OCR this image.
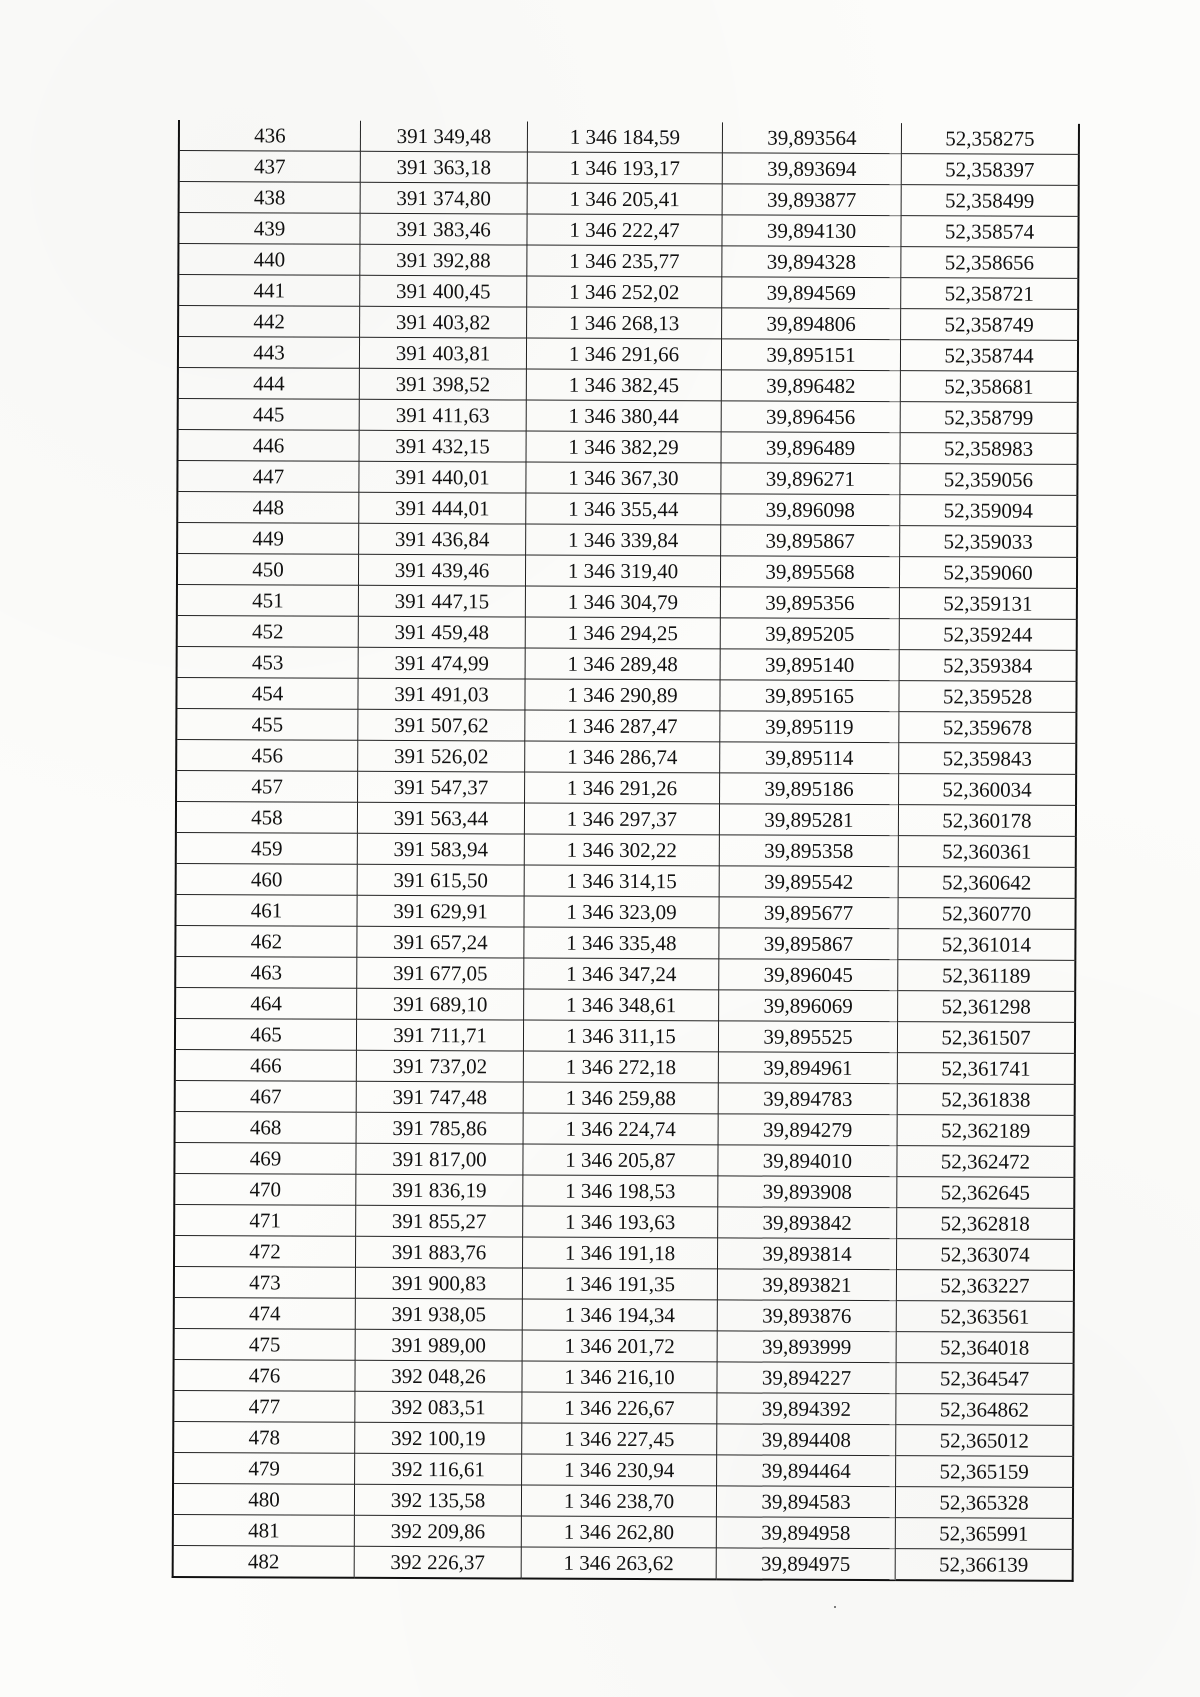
436	391 349,48	1 346 184,59	39,893564	52,358275
437	391 363,18	1 346 193,17	39,893694	52,358397
438	391 374,80	1 346 205,41	39,893877	52,358499
439	391 383,46	1 346 222,47	39,894130	52,358574
440	391 392,88	1 346 235,77	39,894328	52,358656
441	391 400,45	1 346 252,02	39,894569	52,358721
442	391 403,82	1 346 268,13	39,894806	52,358749
443	391 403,81	1 346 291,66	39,895151	52,358744
444	391 398,52	1 346 382,45	39,896482	52,358681
445	391 411,63	1 346 380,44	39,896456	52,358799
446	391 432,15	1 346 382,29	39,896489	52,358983
447	391 440,01	1 346 367,30	39,896271	52,359056
448	391 444,01	1 346 355,44	39,896098	52,359094
449	391 436,84	1 346 339,84	39,895867	52,359033
450	391 439,46	1 346 319,40	39,895568	52,359060
451	391 447,15	1 346 304,79	39,895356	52,359131
452	391 459,48	1 346 294,25	39,895205	52,359244
453	391 474,99	1 346 289,48	39,895140	52,359384
454	391 491,03	1 346 290,89	39,895165	52,359528
455	391 507,62	1 346 287,47	39,895119	52,359678
456	391 526,02	1 346 286,74	39,895114	52,359843
457	391 547,37	1 346 291,26	39,895186	52,360034
458	391 563,44	1 346 297,37	39,895281	52,360178
459	391 583,94	1 346 302,22	39,895358	52,360361
460	391 615,50	1 346 314,15	39,895542	52,360642
461	391 629,91	1 346 323,09	39,895677	52,360770
462	391 657,24	1 346 335,48	39,895867	52,361014
463	391 677,05	1 346 347,24	39,896045	52,361189
464	391 689,10	1 346 348,61	39,896069	52,361298
465	391 711,71	1 346 311,15	39,895525	52,361507
466	391 737,02	1 346 272,18	39,894961	52,361741
467	391 747,48	1 346 259,88	39,894783	52,361838
468	391 785,86	1 346 224,74	39,894279	52,362189
469	391 817,00	1 346 205,87	39,894010	52,362472
470	391 836,19	1 346 198,53	39,893908	52,362645
471	391 855,27	1 346 193,63	39,893842	52,362818
472	391 883,76	1 346 191,18	39,893814	52,363074
473	391 900,83	1 346 191,35	39,893821	52,363227
474	391 938,05	1 346 194,34	39,893876	52,363561
475	391 989,00	1 346 201,72	39,893999	52,364018
476	392 048,26	1 346 216,10	39,894227	52,364547
477	392 083,51	1 346 226,67	39,894392	52,364862
478	392 100,19	1 346 227,45	39,894408	52,365012
479	392 116,61	1 346 230,94	39,894464	52,365159
480	392 135,58	1 346 238,70	39,894583	52,365328
481	392 209,86	1 346 262,80	39,894958	52,365991
482	392 226,37	1 346 263,62	39,894975	52,366139
